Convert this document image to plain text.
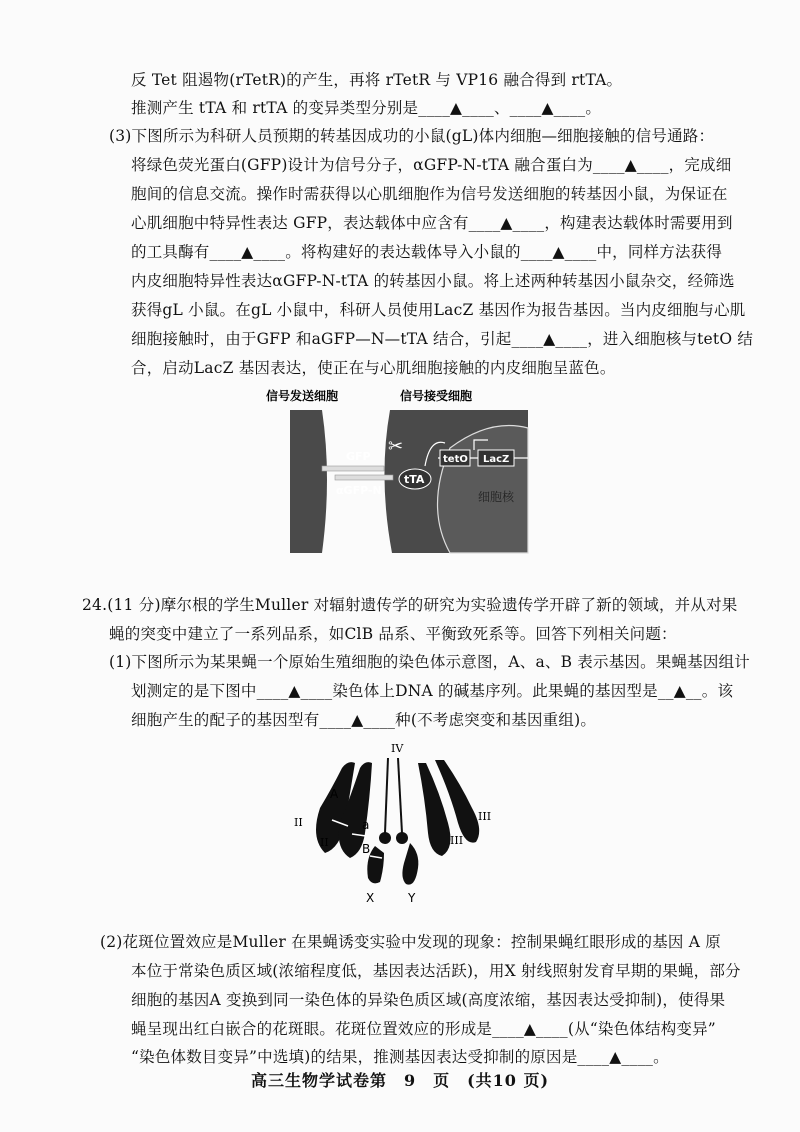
反 Tet 阻遏物(rTetR)的产生，再将 rTetR 与 VP16 融合得到 rtTA。
推测产生 tTA 和 rtTA 的变异类型分别是____▲____、____▲____。
(3)下图所示为科研人员预期的转基因成功的小鼠(gL)体内细胞—细胞接触的信号通路：
将绿色荧光蛋白(GFP)设计为信号分子，αGFP-N-tTA 融合蛋白为____▲____，完成细
胞间的信息交流。操作时需获得以心肌细胞作为信号发送细胞的转基因小鼠，为保证在
心肌细胞中特异性表达 GFP，表达载体中应含有____▲____，构建表达载体时需要用到
的工具酶有____▲____。将构建好的表达载体导入小鼠的____▲____中，同样方法获得
内皮细胞特异性表达αGFP-N-tTA 的转基因小鼠。将上述两种转基因小鼠杂交，经筛选
获得gL 小鼠。在gL 小鼠中，科研人员使用LacZ 基因作为报告基因。当内皮细胞与心肌
细胞接触时，由于GFP 和aGFP—N—tTA 结合，引起____▲____，进入细胞核与tetO 结
合，启动LacZ 基因表达，使正在与心肌细胞接触的内皮细胞呈蓝色。
信号发送细胞	信号接受细胞
细胞核
GFP
αGFP-N
✂
tTA
tetO LacZ
24.(11 分)摩尔根的学生Muller 对辐射遗传学的研究为实验遗传学开辟了新的领域，并从对果
蝇的突变中建立了一系列品系，如ClB 品系、平衡致死系等。回答下列相关问题：
(1)下图所示为某果蝇一个原始生殖细胞的染色体示意图，A、a、B 表示基因。果蝇基因组计
划测定的是下图中____▲____染色体上DNA 的碱基序列。此果蝇的基因型是__▲__。该
细胞产生的配子的基因型有____▲____种(不考虑突变和基因重组)。
IV
A
a
B
II
II
III
III
X	Y
(2)花斑位置效应是Muller 在果蝇诱变实验中发现的现象：控制果蝇红眼形成的基因 A 原
本位于常染色质区域(浓缩程度低，基因表达活跃)，用X 射线照射发育早期的果蝇，部分
细胞的基因A 变换到同一染色体的异染色质区域(高度浓缩，基因表达受抑制)，使得果
蝇呈现出红白嵌合的花斑眼。花斑位置效应的形成是____▲____(从“染色体结构变异”
“染色体数目变异”中选填)的结果，推测基因表达受抑制的原因是____▲____。
高三生物学试卷第　9　页　(共10 页)
